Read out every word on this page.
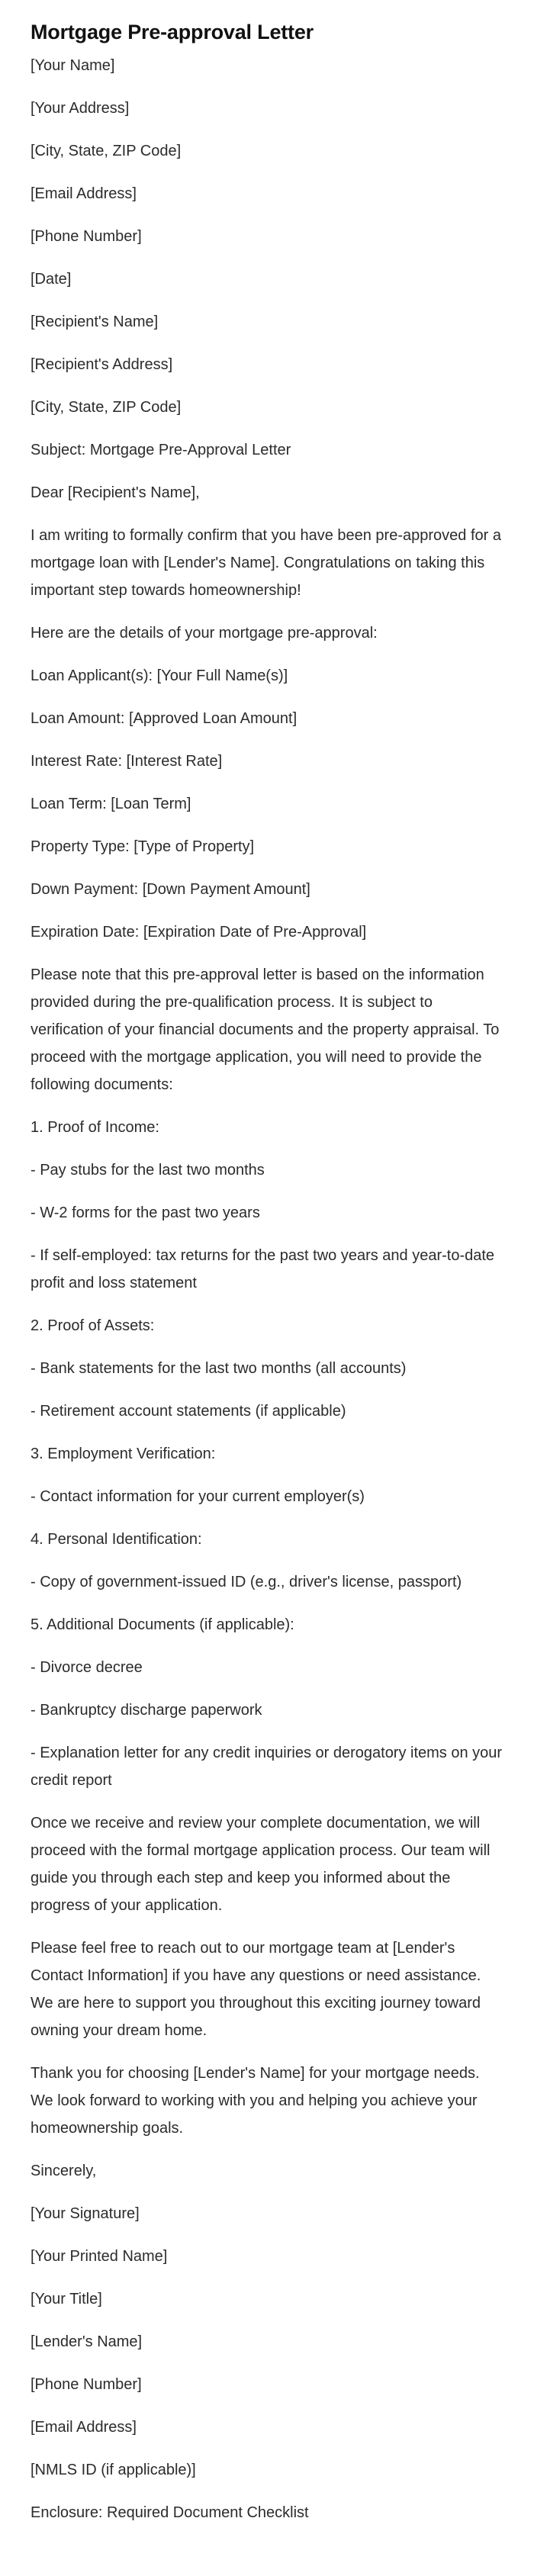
Mortgage Pre-approval Letter

[Your Name]

[Your Address]

[City, State, ZIP Code]

[Email Address]

[Phone Number]

[Date]

[Recipient's Name]

[Recipient's Address]

[City, State, ZIP Code]

Subject: Mortgage Pre-Approval Letter

Dear [Recipient's Name],

I am writing to formally confirm that you have been pre-approved for a mortgage loan with [Lender's Name]. Congratulations on taking this important step towards homeownership!

Here are the details of your mortgage pre-approval:

Loan Applicant(s): [Your Full Name(s)]

Loan Amount: [Approved Loan Amount]

Interest Rate: [Interest Rate]

Loan Term: [Loan Term]

Property Type: [Type of Property]

Down Payment: [Down Payment Amount]

Expiration Date: [Expiration Date of Pre-Approval]

Please note that this pre-approval letter is based on the information provided during the pre-qualification process. It is subject to verification of your financial documents and the property appraisal. To proceed with the mortgage application, you will need to provide the following documents:

1. Proof of Income:

- Pay stubs for the last two months

- W-2 forms for the past two years

- If self-employed: tax returns for the past two years and year-to-date profit and loss statement

2. Proof of Assets:

- Bank statements for the last two months (all accounts)

- Retirement account statements (if applicable)

3. Employment Verification:

- Contact information for your current employer(s)

4. Personal Identification:

- Copy of government-issued ID (e.g., driver's license, passport)

5. Additional Documents (if applicable):

- Divorce decree

- Bankruptcy discharge paperwork

- Explanation letter for any credit inquiries or derogatory items on your credit report

Once we receive and review your complete documentation, we will proceed with the formal mortgage application process. Our team will guide you through each step and keep you informed about the progress of your application.

Please feel free to reach out to our mortgage team at [Lender's Contact Information] if you have any questions or need assistance. We are here to support you throughout this exciting journey toward owning your dream home.

Thank you for choosing [Lender's Name] for your mortgage needs. We look forward to working with you and helping you achieve your homeownership goals.

Sincerely,

[Your Signature]

[Your Printed Name]

[Your Title]

[Lender's Name]

[Phone Number]

[Email Address]

[NMLS ID (if applicable)]

Enclosure: Required Document Checklist
